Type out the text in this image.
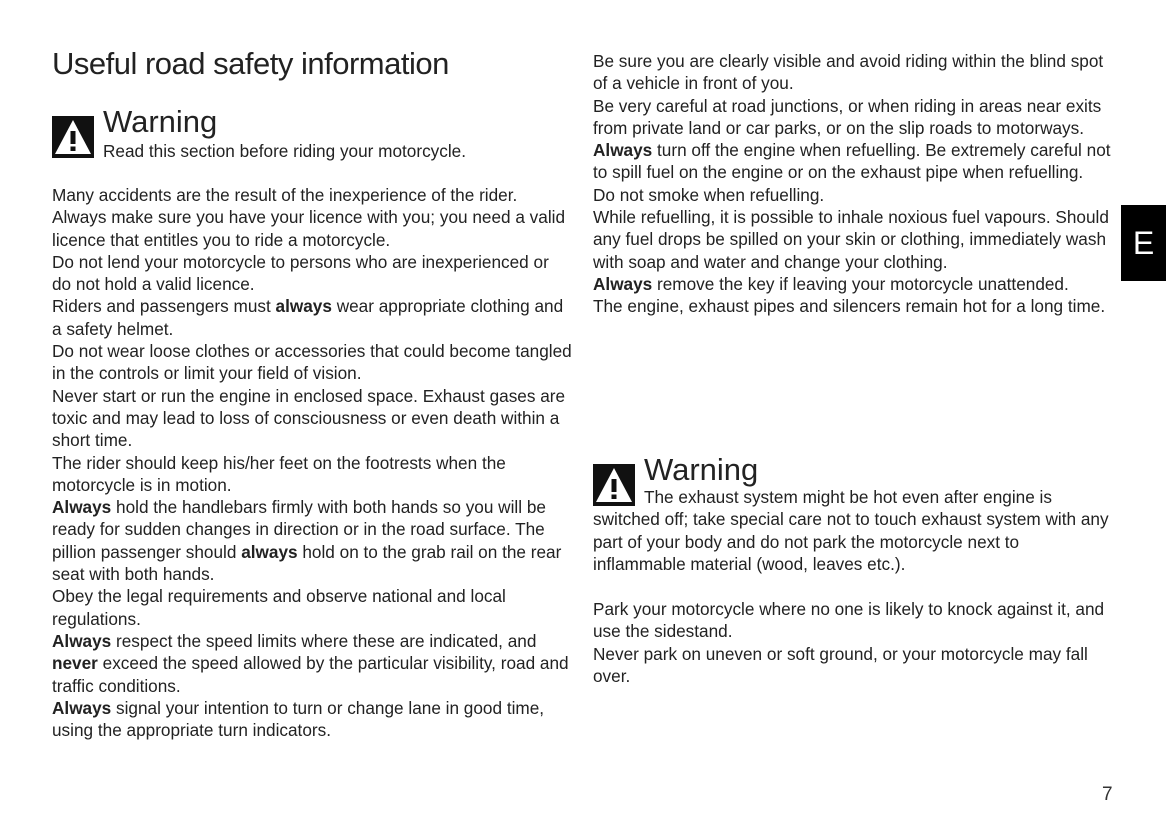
Useful road safety information
Warning
Read this section before riding your motorcycle.

Many accidents are the result of the inexperience of the rider. Always make sure you have your licence with you; you need a valid licence that entitles you to ride a motorcycle.

Do not lend your motorcycle to persons who are inexperienced or do not hold a valid licence.

Riders and passengers must always wear appropriate clothing and a safety helmet.

Do not wear loose clothes or accessories that could become tangled in the controls or limit your field of vision.

Never start or run the engine in enclosed space. Exhaust gases are toxic and may lead to loss of consciousness or even death within a short time.

The rider should keep his/her feet on the footrests when the motorcycle is in motion.

Always hold the handlebars firmly with both hands so you will be ready for sudden changes in direction or in the road surface. The pillion passenger should always hold on to the grab rail on the rear seat with both hands.

Obey the legal requirements and observe national and local regulations.

Always respect the speed limits where these are indicated, and never exceed the speed allowed by the particular visibility, road and traffic conditions.

Always signal your intention to turn or change lane in good time, using the appropriate turn indicators.

Be sure you are clearly visible and avoid riding within the blind spot of a vehicle in front of you.

Be very careful at road junctions, or when riding in areas near exits from private land or car parks, or on the slip roads to motorways.

Always turn off the engine when refuelling. Be extremely careful not to spill fuel on the engine or on the exhaust pipe when refuelling.

Do not smoke when refuelling.

While refuelling, it is possible to inhale noxious fuel vapours. Should any fuel drops be spilled on your skin or clothing, immediately wash with soap and water and change your clothing.

Always remove the key if leaving your motorcycle unattended.

The engine, exhaust pipes and silencers remain hot for a long time.

Warning
The exhaust system might be hot even after engine is switched off; take special care not to touch exhaust system with any part of your body and do not park the motorcycle next to inflammable material (wood, leaves etc.).

Park your motorcycle where no one is likely to knock against it, and use the sidestand.

Never park on uneven or soft ground, or your motorcycle may fall over.

E
7
